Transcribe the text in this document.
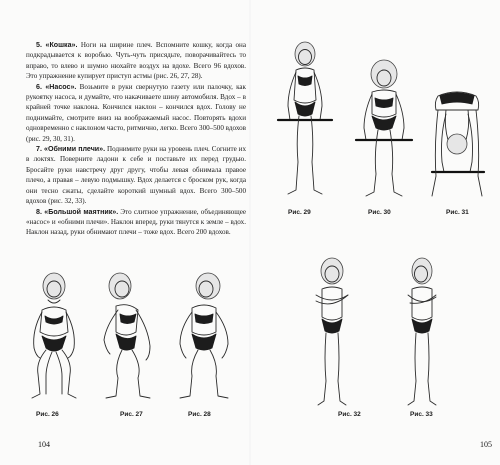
5. «Кошка». Ноги на ширине плеч. Вспомните кошку, когда она подкрадывается к воробью. Чуть-чуть присядьте, поворачивайтесь то вправо, то влево и шумно нюхайте воздух на вдохе. Всего 96 вдохов. Это упражнение купирует приступ астмы (рис. 26, 27, 28).

6. «Насос». Возьмите в руки свернутую газету или палочку, как рукоятку насоса, и думайте, что накачиваете шину автомобиля. Вдох – в крайней точке наклона. Кончился наклон – кончился вдох. Голову не поднимайте, смотрите вниз на воображаемый насос. Повторять вдохи одновременно с наклоном часто, ритмично, легко. Всего 300–500 вдохов (рис. 29, 30, 31).

7. «Обними плечи». Поднимите руки на уровень плеч. Согните их в локтях. Поверните ладони к себе и поставьте их перед грудью. Бросайте руки навстречу друг другу, чтобы левая обнимала правое плечо, а правая – левую подмышку. Вдох делается с броском рук, когда они тесно сжаты, сделайте короткий шумный вдох. Всего 300–500 вдохов (рис. 32, 33).

8. «Большой маятник». Это слитное упражнение, объединяющее «насос» и «обними плечи». Наклон вперед, руки тянутся к земле – вдох. Наклон назад, руки обнимают плечи – тоже вдох. Всего 200 вдохов.

Рис. 26	Рис. 27	Рис. 28
104
Рис. 29	Рис. 30	Рис. 31
Рис. 32	Рис. 33
105
